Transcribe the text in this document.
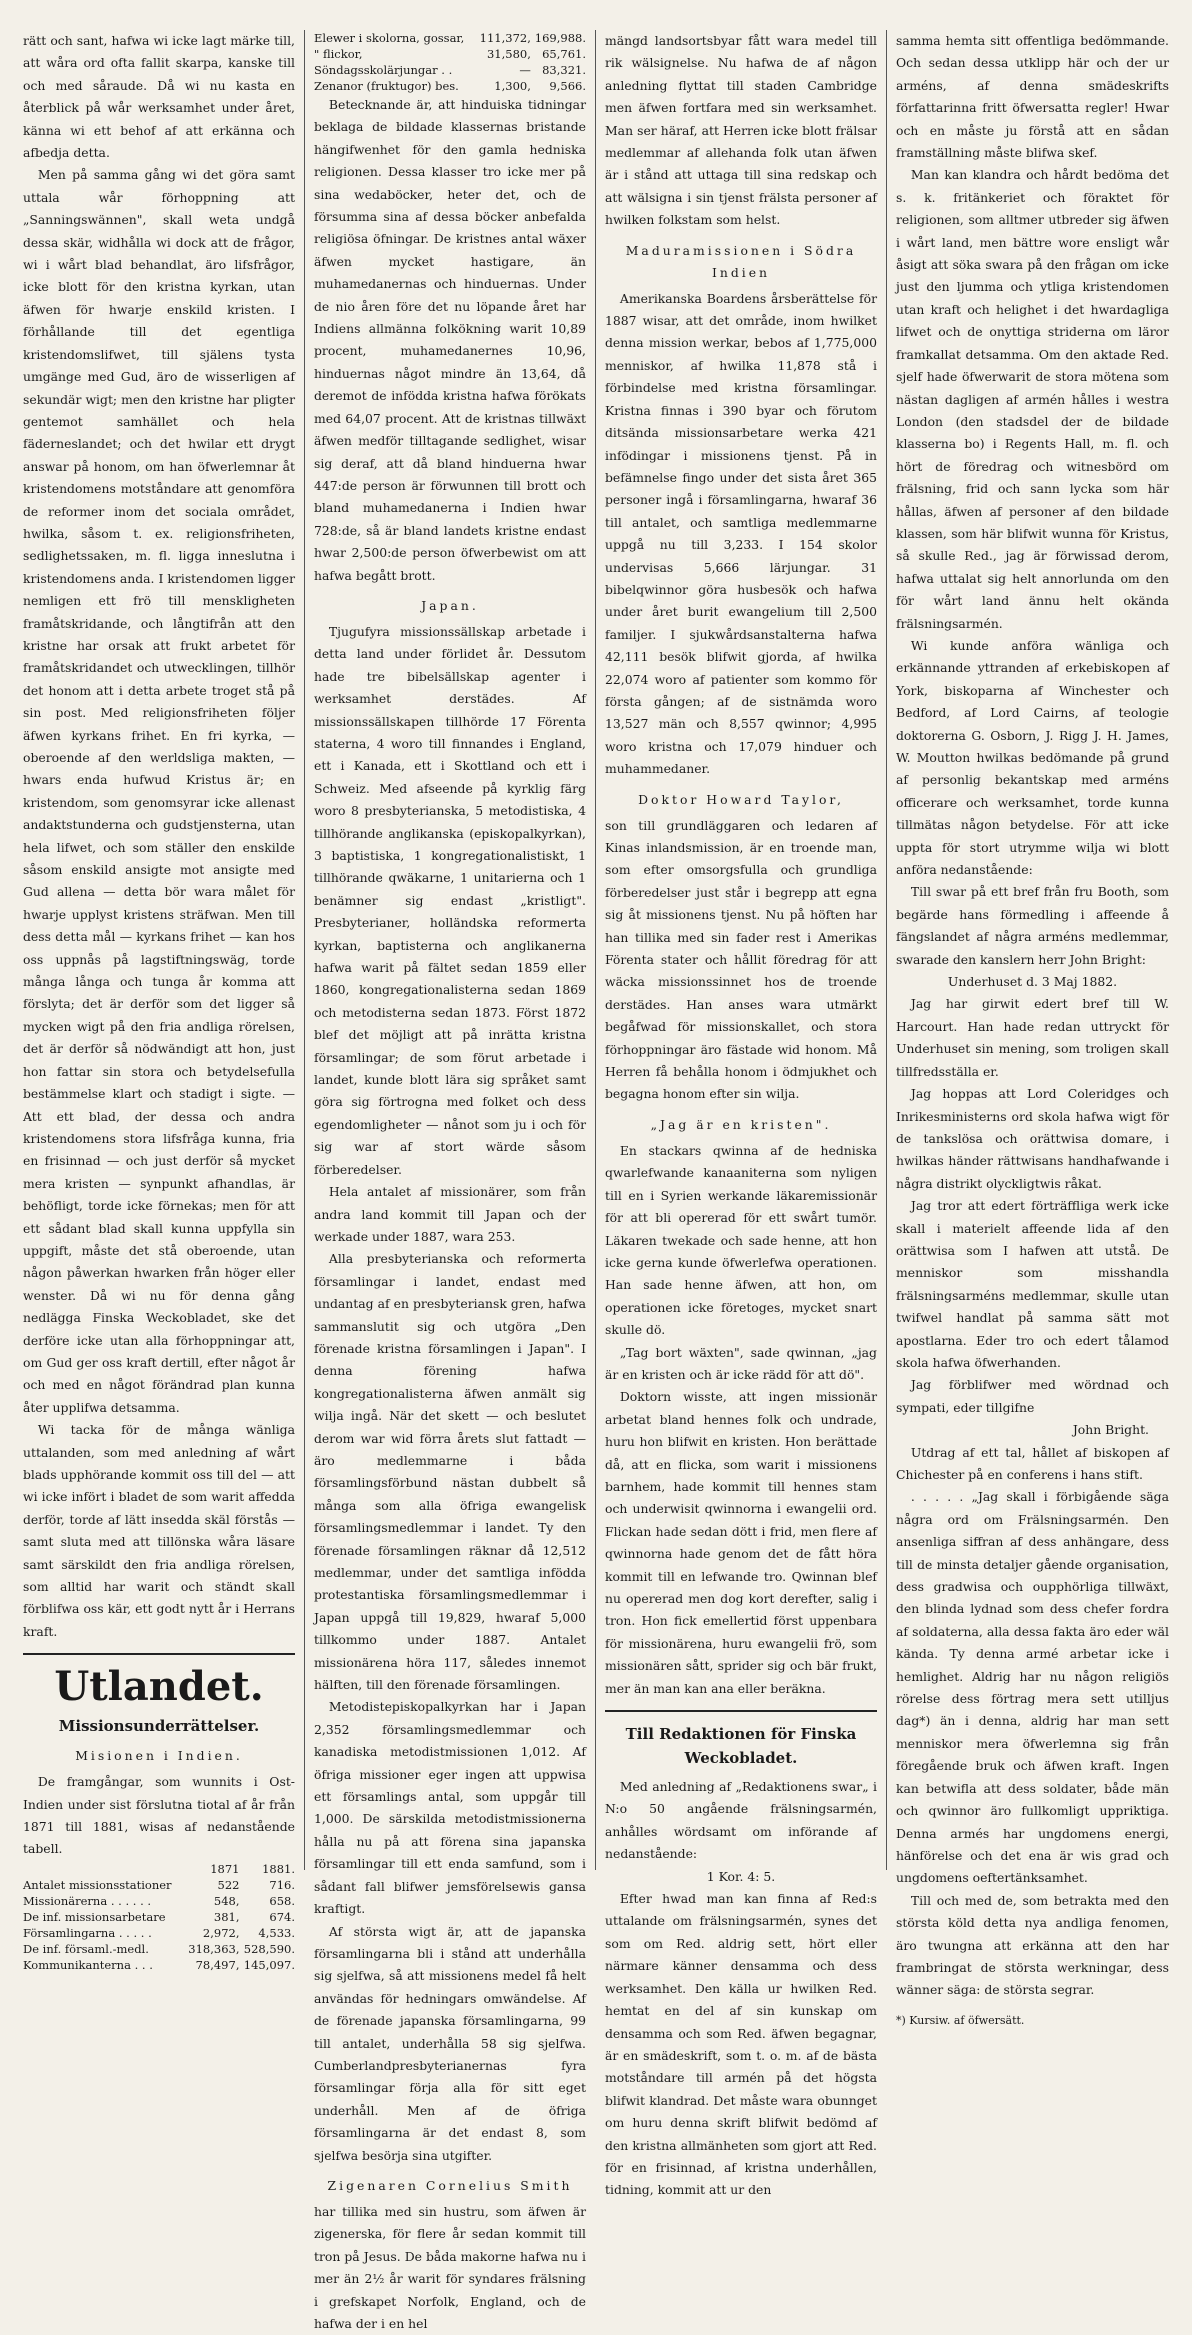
rätt och sant, hafwa wi icke lagt märke till, att wåra ord ofta fallit skarpa, kanske till och med såraude. Då wi nu kasta en återblick på wår werksamhet under året, känna wi ett behof af att erkänna och afbedja detta.

Men på samma gång wi det göra samt uttala wår förhoppning att „Sanningswännen", skall weta undgå dessa skär, widhålla wi dock att de frågor, wi i wårt blad behandlat, äro lifsfrågor, icke blott för den kristna kyrkan, utan äfwen för hwarje enskild kristen. I förhållande till det egentliga kristendomslifwet, till själens tysta umgänge med Gud, äro de wisserligen af sekundär wigt; men den kristne har pligter gentemot samhället och hela fäderneslandet; och det hwilar ett drygt answar på honom, om han öfwerlemnar åt kristendomens motståndare att genomföra de reformer inom det sociala området, hwilka, såsom t. ex. religionsfriheten, sedlighetssaken, m. fl. ligga inneslutna i kristendomens anda. I kristendomen ligger nemligen ett frö till menskligheten framåtskridande, och långtifrån att den kristne har orsak att frukt arbetet för framåtskridandet och utwecklingen, tillhör det honom att i detta arbete troget stå på sin post. Med religionsfriheten följer äfwen kyrkans frihet. En fri kyrka, — oberoende af den werldsliga makten, — hwars enda hufwud Kristus är; en kristendom, som genomsyrar icke allenast andaktstunderna och gudstjensterna, utan hela lifwet, och som ställer den enskilde såsom enskild ansigte mot ansigte med Gud allena — detta bör wara målet för hwarje upplyst kristens sträfwan. Men till dess detta mål — kyrkans frihet — kan hos oss uppnås på lagstiftningswäg, torde många långa och tunga år komma att förslyta; det är derför som det ligger så mycken wigt på den fria andliga rörelsen, det är derför så nödwändigt att hon, just hon fattar sin stora och betydelsefulla bestämmelse klart och stadigt i sigte. — Att ett blad, der dessa och andra kristendomens stora lifsfråga kunna, fria en frisinnad — och just derför så mycket mera kristen — synpunkt afhandlas, är behöfligt, torde icke förnekas; men för att ett sådant blad skall kunna uppfylla sin uppgift, måste det stå oberoende, utan någon påwerkan hwarken från höger eller wenster. Då wi nu för denna gång nedlägga Finska Weckobladet, ske det derföre icke utan alla förhoppningar att, om Gud ger oss kraft dertill, efter något år och med en något förändrad plan kunna åter upplifwa detsamma.

Wi tacka för de många wänliga uttalanden, som med anledning af wårt blads upphörande kommit oss till del — att wi icke infört i bladet de som warit affedda derför, torde af lätt insedda skäl förstås — samt sluta med att tillönska wåra läsare samt särskildt den fria andliga rörelsen, som alltid har warit och ständt skall förblifwa oss kär, ett godt nytt år i Herrans kraft.

Utlandet.
Missionsunderrättelser.
Misionen i Indien.

De framgångar, som wunnits i Ost-Indien under sist förslutna tiotal af år från 1871 till 1881, wisas af nedanstående tabell.

	1871	1881.
Antalet missionsstationer	522	716.
Missionärerna . . . . . .	548,	658.
De inf. missionsarbetare	381,	674.
Församlingarna . . . . .	2,972,	4,533.
De inf. församl.-medl.	318,363,	528,590.
Kommunikanterna . . .	78,497,	145,097.
Elewer i skolorna, gossar,	111,372,	169,988.
" flickor,	31,580,	65,761.
Söndagsskolärjungar . .	—	83,321.
Zenanor (fruktugor) bes.	1,300,	9,566.

Betecknande är, att hinduiska tidningar beklaga de bildade klassernas bristande hängifwenhet för den gamla hedniska religionen. Dessa klasser tro icke mer på sina wedaböcker, heter det, och de försumma sina af dessa böcker anbefalda religiösa öfningar. De kristnes antal wäxer äfwen mycket hastigare, än muhamedanernas och hinduernas. Under de nio åren före det nu löpande året har Indiens allmänna folkökning warit 10,89 procent, muhamedanernes 10,96, hinduernas något mindre än 13,64, då deremot de infödda kristna hafwa förökats med 64,07 procent. Att de kristnas tillwäxt äfwen medför tilltagande sedlighet, wisar sig deraf, att då bland hinduerna hwar 447:de person är förwunnen till brott och bland muhamedanerna i Indien hwar 728:de, så är bland landets kristne endast hwar 2,500:de person öfwerbewist om att hafwa begått brott.

Japan.

Tjugufyra missionssällskap arbetade i detta land under förlidet år. Dessutom hade tre bibelsällskap agenter i werksamhet derstädes. Af missionssällskapen tillhörde 17 Förenta staterna, 4 woro till finnandes i England, ett i Kanada, ett i Skottland och ett i Schweiz. Med afseende på kyrklig färg woro 8 presbyterianska, 5 metodistiska, 4 tillhörande anglikanska (episkopalkyrkan), 3 baptistiska, 1 kongregationalistiskt, 1 tillhörande qwäkarne, 1 unitarierna och 1 benämner sig endast „kristligt". Presbyterianer, holländska reformerta kyrkan, baptisterna och anglikanerna hafwa warit på fältet sedan 1859 eller 1860, kongregationalisterna sedan 1869 och metodisterna sedan 1873. Först 1872 blef det möjligt att på inrätta kristna församlingar; de som förut arbetade i landet, kunde blott lära sig språket samt göra sig förtrogna med folket och dess egendomligheter — nånot som ju i och för sig war af stort wärde såsom förberedelser.

Hela antalet af missionärer, som från andra land kommit till Japan och der werkade under 1887, wara 253.

Alla presbyterianska och reformerta församlingar i landet, endast med undantag af en presbyteriansk gren, hafwa sammanslutit sig och utgöra „Den förenade kristna församlingen i Japan". I denna förening hafwa kongregationalisterna äfwen anmält sig wilja ingå. När det skett — och beslutet derom war wid förra årets slut fattadt — äro medlemmarne i båda församlingsförbund nästan dubbelt så många som alla öfriga ewangelisk församlingsmedlemmar i landet. Ty den förenade församlingen räknar då 12,512 medlemmar, under det samtliga infödda protestantiska församlingsmedlemmar i Japan uppgå till 19,829, hwaraf 5,000 tillkommo under 1887. Antalet missionärena höra 117, således innemot hälften, till den förenade församlingen.

Metodistepiskopalkyrkan har i Japan 2,352 församlingsmedlemmar och kanadiska metodistmissionen 1,012. Af öfriga missioner eger ingen att uppwisa ett församlings antal, som uppgår till 1,000. De särskilda metodistmissionerna hålla nu på att förena sina japanska församlingar till ett enda samfund, som i sådant fall blifwer jemsförelsewis gansa kraftigt.

Af största wigt är, att de japanska församlingarna bli i stånd att underhålla sig sjelfwa, så att missionens medel få helt användas för hedningars omwändelse. Af de förenade japanska församlingarna, 99 till antalet, underhålla 58 sig sjelfwa. Cumberlandpresbyterianernas fyra församlingar förja alla för sitt eget underhåll. Men af de öfriga församlingarna är det endast 8, som sjelfwa besörja sina utgifter.

Zigenaren Cornelius Smith

har tillika med sin hustru, som äfwen är zigenerska, för flere år sedan kommit till tron på Jesus. De båda makorne hafwa nu i mer än 2½ år warit för syndares frälsning i grefskapet Norfolk, England, och de hafwa der i en hel

mängd landsortsbyar fått wara medel till rik wälsignelse. Nu hafwa de af någon anledning flyttat till staden Cambridge men äfwen fortfara med sin werksamhet. Man ser häraf, att Herren icke blott frälsar medlemmar af allehanda folk utan äfwen är i stånd att uttaga till sina redskap och att wälsigna i sin tjenst frälsta personer af hwilken folkstam som helst.

Maduramissionen i Södra Indien

Amerikanska Boardens årsberättelse för 1887 wisar, att det område, inom hwilket denna mission werkar, bebos af 1,775,000 menniskor, af hwilka 11,878 stå i förbindelse med kristna församlingar. Kristna finnas i 390 byar och förutom ditsända missionsarbetare werka 421 infödingar i missionens tjenst. På in befämnelse fingo under det sista året 365 personer ingå i församlingarna, hwaraf 36 till antalet, och samtliga medlemmarne uppgå nu till 3,233. I 154 skolor undervisas 5,666 lärjungar. 31 bibelqwinnor göra husbesök och hafwa under året burit ewangelium till 2,500 familjer. I sjukwårdsanstalterna hafwa 42,111 besök blifwit gjorda, af hwilka 22,074 woro af patienter som kommo för första gången; af de sistnämda woro 13,527 män och 8,557 qwinnor; 4,995 woro kristna och 17,079 hinduer och muhammedaner.

Doktor Howard Taylor,

son till grundläggaren och ledaren af Kinas inlandsmission, är en troende man, som efter omsorgsfulla och grundliga förberedelser just står i begrepp att egna sig åt missionens tjenst. Nu på höften har han tillika med sin fader rest i Amerikas Förenta stater och hållit föredrag för att wäcka missionssinnet hos de troende derstädes. Han anses wara utmärkt begåfwad för missionskallet, och stora förhoppningar äro fästade wid honom. Må Herren få behålla honom i ödmjukhet och begagna honom efter sin wilja.

„Jag är en kristen".

En stackars qwinna af de hedniska qwarlefwande kanaaniterna som nyligen till en i Syrien werkande läkaremissionär för att bli opererad för ett swårt tumör. Läkaren twekade och sade henne, att hon icke gerna kunde öfwerlefwa operationen. Han sade henne äfwen, att hon, om operationen icke företoges, mycket snart skulle dö.

„Tag bort wäxten", sade qwinnan, „jag är en kristen och är icke rädd för att dö".

Doktorn wisste, att ingen missionär arbetat bland hennes folk och undrade, huru hon blifwit en kristen. Hon berättade då, att en flicka, som warit i missionens barnhem, hade kommit till hennes stam och underwisit qwinnorna i ewangelii ord. Flickan hade sedan dött i frid, men flere af qwinnorna hade genom det de fått höra kommit till en lefwande tro. Qwinnan blef nu opererad men dog kort derefter, salig i tron. Hon fick emellertid först uppenbara för missionärena, huru ewangelii frö, som missionären sått, sprider sig och bär frukt, mer än man kan ana eller beräkna.

Till Redaktionen för Finska Weckobladet.

Med anledning af „Redaktionens swar„ i N:o 50 angående frälsningsarmén, anhålles wördsamt om införande af nedanstående:

1 Kor. 4: 5.

Efter hwad man kan finna af Red:s uttalande om frälsningsarmén, synes det som om Red. aldrig sett, hört eller närmare känner densamma och dess werksamhet. Den källa ur hwilken Red. hemtat en del af sin kunskap om densamma och som Red. äfwen begagnar, är en smädeskrift, som t. o. m. af de bästa motståndare till armén på det högsta blifwit klandrad. Det måste wara obunnget om huru denna skrift blifwit bedömd af den kristna allmänheten som gjort att Red. för en frisinnad, af kristna underhållen, tidning, kommit att ur den

samma hemta sitt offentliga bedömmande. Och sedan dessa utklipp här och der ur arméns, af denna smädeskrifts författarinna fritt öfwersatta regler! Hwar och en måste ju förstå att en sådan framställning måste blifwa skef.

Man kan klandra och hårdt bedöma det s. k. fritänkeriet och föraktet för religionen, som alltmer utbreder sig äfwen i wårt land, men bättre wore ensligt wår åsigt att söka swara på den frågan om icke just den ljumma och ytliga kristendomen utan kraft och helighet i det hwardagliga lifwet och de onyttiga striderna om läror framkallat detsamma. Om den aktade Red. sjelf hade öfwerwarit de stora mötena som nästan dagligen af armén hålles i westra London (den stadsdel der de bildade klasserna bo) i Regents Hall, m. fl. och hört de föredrag och witnesbörd om frälsning, frid och sann lycka som här hållas, äfwen af personer af den bildade klassen, som här blifwit wunna för Kristus, så skulle Red., jag är förwissad derom, hafwa uttalat sig helt annorlunda om den för wårt land ännu helt okända frälsningsarmén.

Wi kunde anföra wänliga och erkännande yttranden af erkebiskopen af York, biskoparna af Winchester och Bedford, af Lord Cairns, af teologie doktorerna G. Osborn, J. Rigg J. H. James, W. Moutton hwilkas bedömande på grund af personlig bekantskap med arméns officerare och werksamhet, torde kunna tillmätas någon betydelse. För att icke uppta för stort utrymme wilja wi blott anföra nedanstående:

Till swar på ett bref från fru Booth, som begärde hans förmedling i affeende å fängslandet af några arméns medlemmar, swarade den kanslern herr John Bright:

Underhuset d. 3 Maj 1882.

Jag har girwit edert bref till W. Harcourt. Han hade redan uttryckt för Underhuset sin mening, som troligen skall tillfredsställa er.

Jag hoppas att Lord Coleridges och Inrikesministerns ord skola hafwa wigt för de tankslösa och orättwisa domare, i hwilkas händer rättwisans handhafwande i några distrikt olyckligtwis råkat.

Jag tror att edert förträffliga werk icke skall i materielt affeende lida af den orättwisa som I hafwen att utstå. De menniskor som misshandla frälsningsarméns medlemmar, skulle utan twifwel handlat på samma sätt mot apostlarna. Eder tro och edert tålamod skola hafwa öfwerhanden.

Jag förblifwer med wördnad och sympati, eder tillgifne

John Bright.

Utdrag af ett tal, hållet af biskopen af Chichester på en conferens i hans stift.

. . . . . „Jag skall i förbigående säga några ord om Frälsningsarmén. Den ansenliga siffran af dess anhängare, dess till de minsta detaljer gående organisation, dess gradwisa och oupphörliga tillwäxt, den blinda lydnad som dess chefer fordra af soldaterna, alla dessa fakta äro eder wäl kända. Ty denna armé arbetar icke i hemlighet. Aldrig har nu någon religiös rörelse dess förtrag mera sett utilljus dag*) än i denna, aldrig har man sett menniskor mera öfwerlemna sig från föregående bruk och äfwen kraft. Ingen kan betwifla att dess soldater, både män och qwinnor äro fullkomligt uppriktiga. Denna armés har ungdomens energi, hänförelse och det ena är wis grad och ungdomens oeftertänksamhet.

Till och med de, som betrakta med den största köld detta nya andliga fenomen, äro twungna att erkänna att den har frambringat de största werkningar, dess wänner säga: de största segrar.

*) Kursiw. af öfwersätt.
